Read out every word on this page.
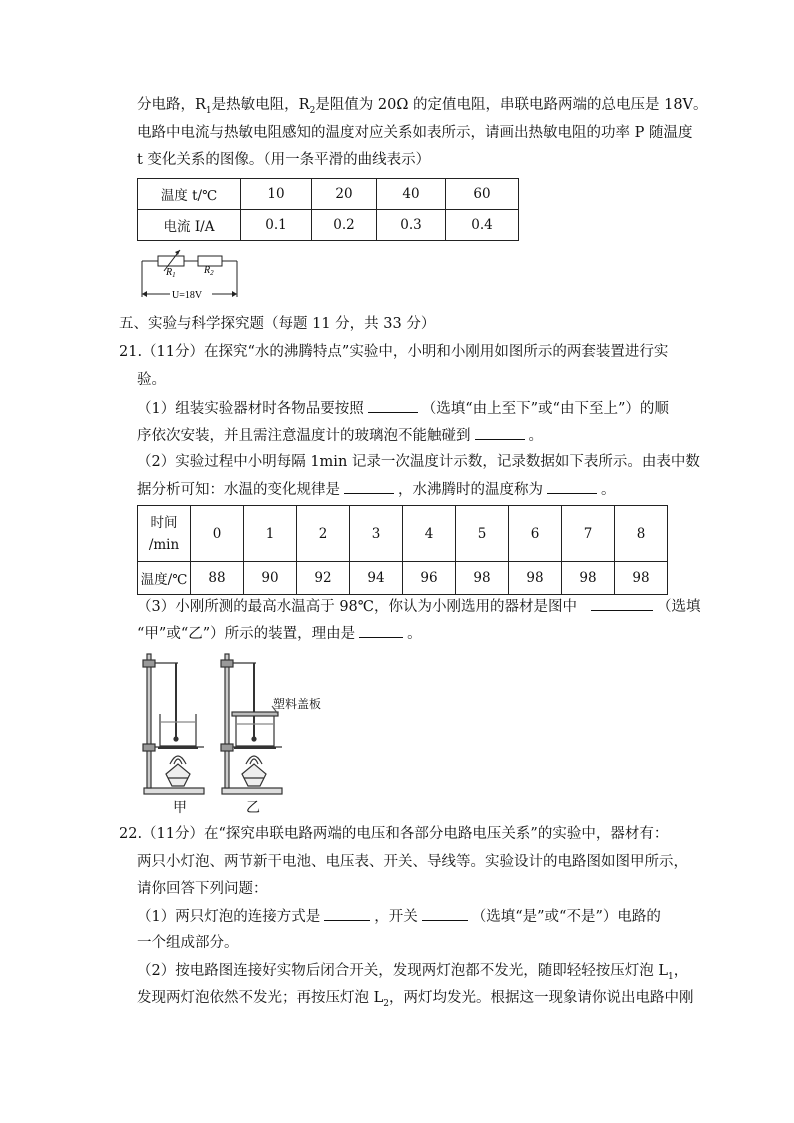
分电路，$R_1$是热敏电阻，$R_2$是阻值为 20Ω 的定值电阻，串联电路两端的总电压是 18V。
电路中电流与热敏电阻感知的温度对应关系如表所示，请画出热敏电阻的功率 P 随温度
t 变化关系的图像。（用一条平滑的曲线表示）
温度 t/℃	10	20	40	60
电流 I/A	0.1	0.2	0.3	0.4
$R_1$	$R_2$
U=18V
五、实验与科学探究题（每题 11 分，共 33 分）
21.（11分）在探究“水的沸腾特点”实验中，小明和小刚用如图所示的两套装置进行实
验。
（1）组装实验器材时各物品要按照	（选填“由上至下”或“由下至上”）的顺
序依次安装，并且需注意温度计的玻璃泡不能触碰到	。
（2）实验过程中小明每隔 1min 记录一次温度计示数，记录数据如下表所示。由表中数
据分析可知：水温的变化规律是	，水沸腾时的温度称为	。
时间
/min	0	1	2	3	4	5	6	7	8
温度/℃	88	90	92	94	96	98	98	98	98
（3）小刚所测的最高水温高于 98℃，你认为小刚选用的器材是图中	（选填
“甲”或“乙”）所示的装置，理由是	。
塑料盖板
甲	乙
22.（11分）在“探究串联电路两端的电压和各部分电路电压关系”的实验中，器材有：
两只小灯泡、两节新干电池、电压表、开关、导线等。实验设计的电路图如图甲所示，
请你回答下列问题：
（1）两只灯泡的连接方式是	，开关	（选填“是”或“不是”）电路的
一个组成部分。
（2）按电路图连接好实物后闭合开关，发现两灯泡都不发光，随即轻轻按压灯泡 $L_1$，
发现两灯泡依然不发光；再按压灯泡 $L_2$，两灯均发光。根据这一现象请你说出电路中刚
